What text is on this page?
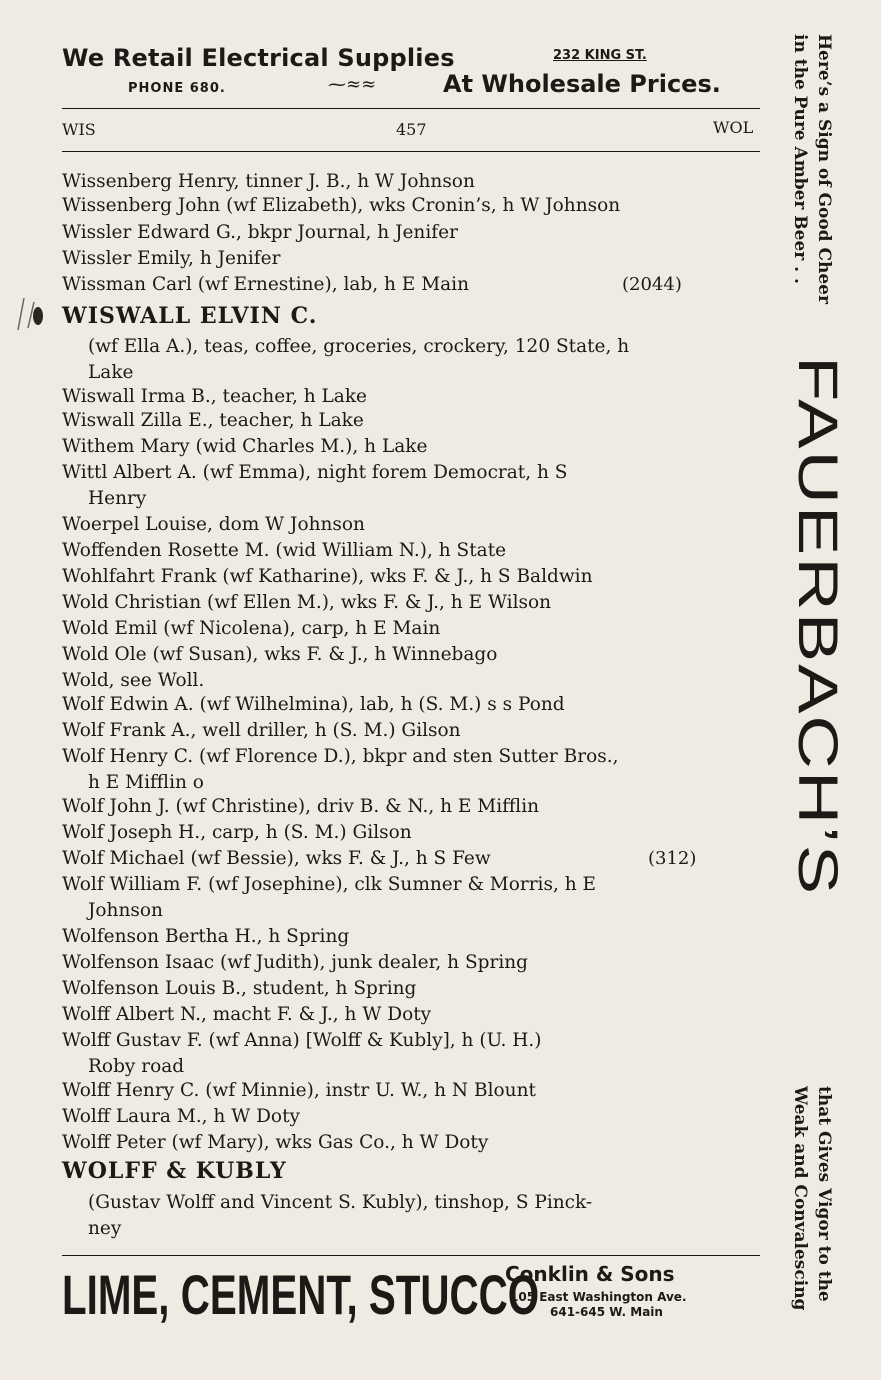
We Retail Electrical Supplies	232 KING ST.
PHONE 680.	⁓≈≈	At Wholesale Prices.
WIS	457	WOL
Wissenberg Henry, tinner J. B., h W Johnson
Wissenberg John (wf Elizabeth), wks Cronin’s, h W Johnson
Wissler Edward G., bkpr Journal, h Jenifer
Wissler Emily, h Jenifer
Wissman Carl (wf Ernestine), lab, h E Main	(2044)
WISWALL ELVIN C.
(wf Ella A.), teas, coffee, groceries, crockery, 120 State, h
Lake
Wiswall Irma B., teacher, h Lake
Wiswall Zilla E., teacher, h Lake
Withem Mary (wid Charles M.), h Lake
Wittl Albert A. (wf Emma), night forem Democrat, h S
Henry
Woerpel Louise, dom W Johnson
Woffenden Rosette M. (wid William N.), h State
Wohlfahrt Frank (wf Katharine), wks F. & J., h S Baldwin
Wold Christian (wf Ellen M.), wks F. & J., h E Wilson
Wold Emil (wf Nicolena), carp, h E Main
Wold Ole (wf Susan), wks F. & J., h Winnebago
Wold, see Woll.
Wolf Edwin A. (wf Wilhelmina), lab, h (S. M.) s s Pond
Wolf Frank A., well driller, h (S. M.) Gilson
Wolf Henry C. (wf Florence D.), bkpr and sten Sutter Bros.,
h E Mifflin o
Wolf John J. (wf Christine), driv B. & N., h E Mifflin
Wolf Joseph H., carp, h (S. M.) Gilson
Wolf Michael (wf Bessie), wks F. & J., h S Few	(312)
Wolf William F. (wf Josephine), clk Sumner & Morris, h E
Johnson
Wolfenson Bertha H., h Spring
Wolfenson Isaac (wf Judith), junk dealer, h Spring
Wolfenson Louis B., student, h Spring
Wolff Albert N., macht F. & J., h W Doty
Wolff Gustav F. (wf Anna) [Wolff & Kubly], h (U. H.)
Roby road
Wolff Henry C. (wf Minnie), instr U. W., h N Blount
Wolff Laura M., h W Doty
Wolff Peter (wf Mary), wks Gas Co., h W Doty
WOLFF & KUBLY
(Gustav Wolff and Vincent S. Kubly), tinshop, S Pinck-
ney
Here’s a Sign of Good Cheer
in the Pure Amber Beer . .
FAUERBACH’S
that Gives Vigor to the
Weak and Convalescing
LIME, CEMENT, STUCCO
Conklin & Sons
105 East Washington Ave.
641-645 W. Main
